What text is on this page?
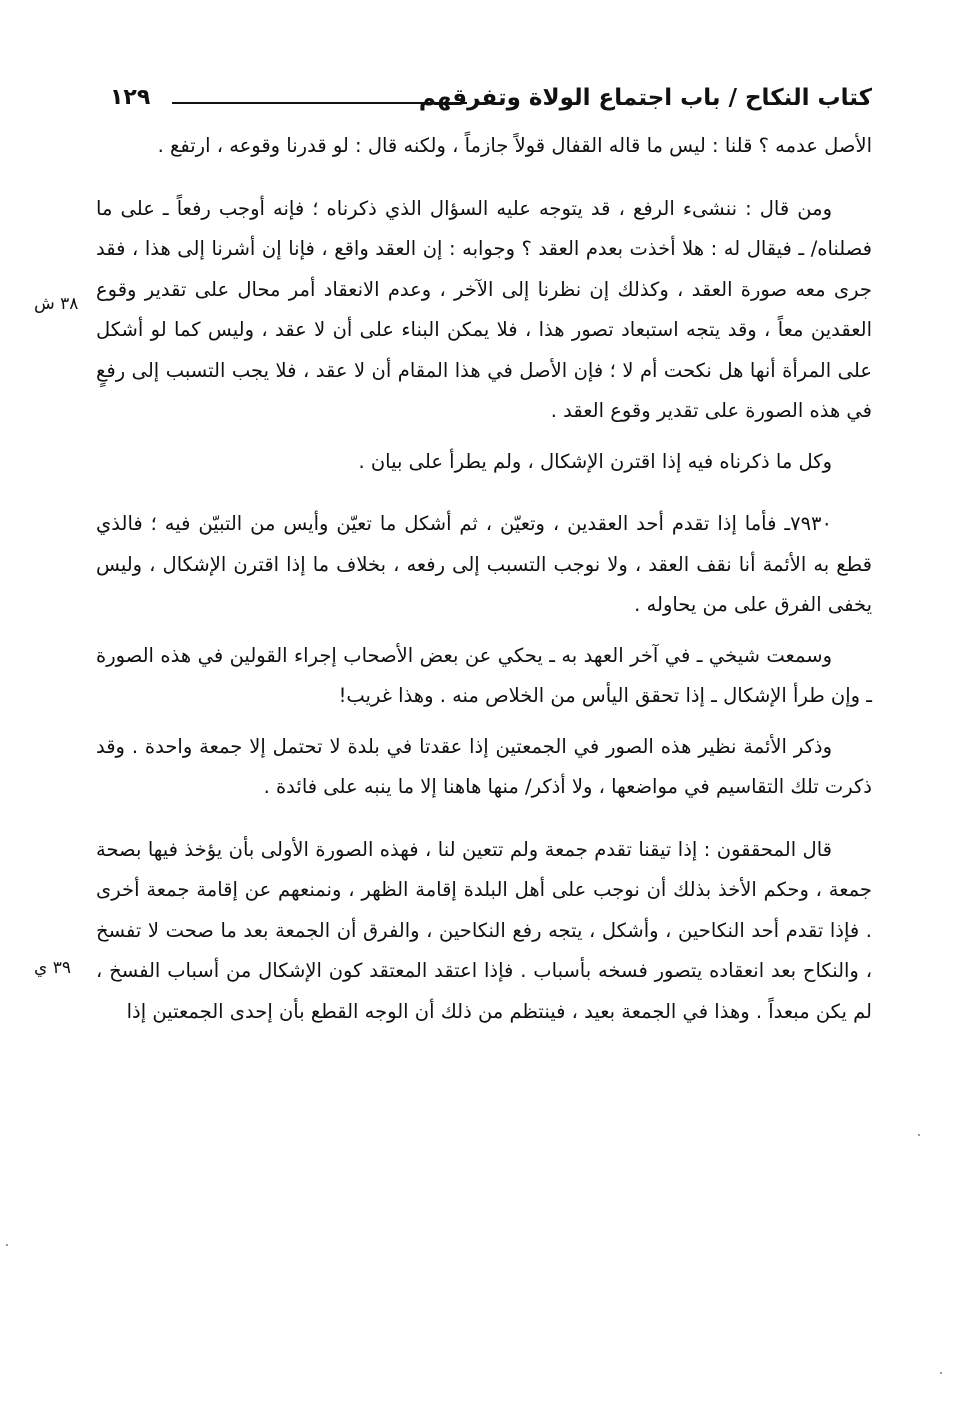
كتاب النكاح / باب اجتماع الولاة وتفرقهم
١٢٩

الأصل عدمه ؟ قلنا : ليس ما قاله القفال قولاً جازماً ، ولكنه قال : لو قدرنا وقوعه ، ارتفع .

ومن قال : ننشىء الرفع ، قد يتوجه عليه السؤال الذي ذكرناه ؛ فإنه أوجب رفعاً ـ على ما فصلناه/ ـ فيقال له : هلا أخذت بعدم العقد ؟ وجوابه : إن العقد واقع ، فإنا إن أشرنا إلى هذا ، فقد جرى معه صورة العقد ، وكذلك إن نظرنا إلى الآخر ، وعدم الانعقاد أمر محال على تقدير وقوع العقدين معاً ، وقد يتجه استبعاد تصور هذا ، فلا يمكن البناء على أن لا عقد ، وليس كما لو أشكل على المرأة أنها هل نكحت أم لا ؛ فإن الأصل في هذا المقام أن لا عقد ، فلا يجب التسبب إلى رفعٍ في هذه الصورة على تقدير وقوع العقد .

وكل ما ذكرناه فيه إذا اقترن الإشكال ، ولم يطرأ على بيان .

٧٩٣٠ـ فأما إذا تقدم أحد العقدين ، وتعيّن ، ثم أشكل ما تعيّن وأيس من التبيّن فيه ؛ فالذي قطع به الأئمة أنا نقف العقد ، ولا نوجب التسبب إلى رفعه ، بخلاف ما إذا اقترن الإشكال ، وليس يخفى الفرق على من يحاوله .

وسمعت شيخي ـ في آخر العهد به ـ يحكي عن بعض الأصحاب إجراء القولين في هذه الصورة ـ وإن طرأ الإشكال ـ إذا تحقق اليأس من الخلاص منه . وهذا غريب!

وذكر الأئمة نظير هذه الصور في الجمعتين إذا عقدتا في بلدة لا تحتمل إلا جمعة واحدة . وقد ذكرت تلك التقاسيم في مواضعها ، ولا أذكر/ منها هاهنا إلا ما ينبه على فائدة .

قال المحققون : إذا تيقنا تقدم جمعة ولم تتعين لنا ، فهذه الصورة الأولى بأن يؤخذ فيها بصحة جمعة ، وحكم الأخذ بذلك أن نوجب على أهل البلدة إقامة الظهر ، ونمنعهم عن إقامة جمعة أخرى . فإذا تقدم أحد النكاحين ، وأشكل ، يتجه رفع النكاحين ، والفرق أن الجمعة بعد ما صحت لا تفسخ ، والنكاح بعد انعقاده يتصور فسخه بأسباب . فإذا اعتقد المعتقد كون الإشكال من أسباب الفسخ ، لم يكن مبعداً . وهذا في الجمعة بعيد ، فينتظم من ذلك أن الوجه القطع بأن إحدى الجمعتين إذا

٣٨ ش
٣٩ ي
